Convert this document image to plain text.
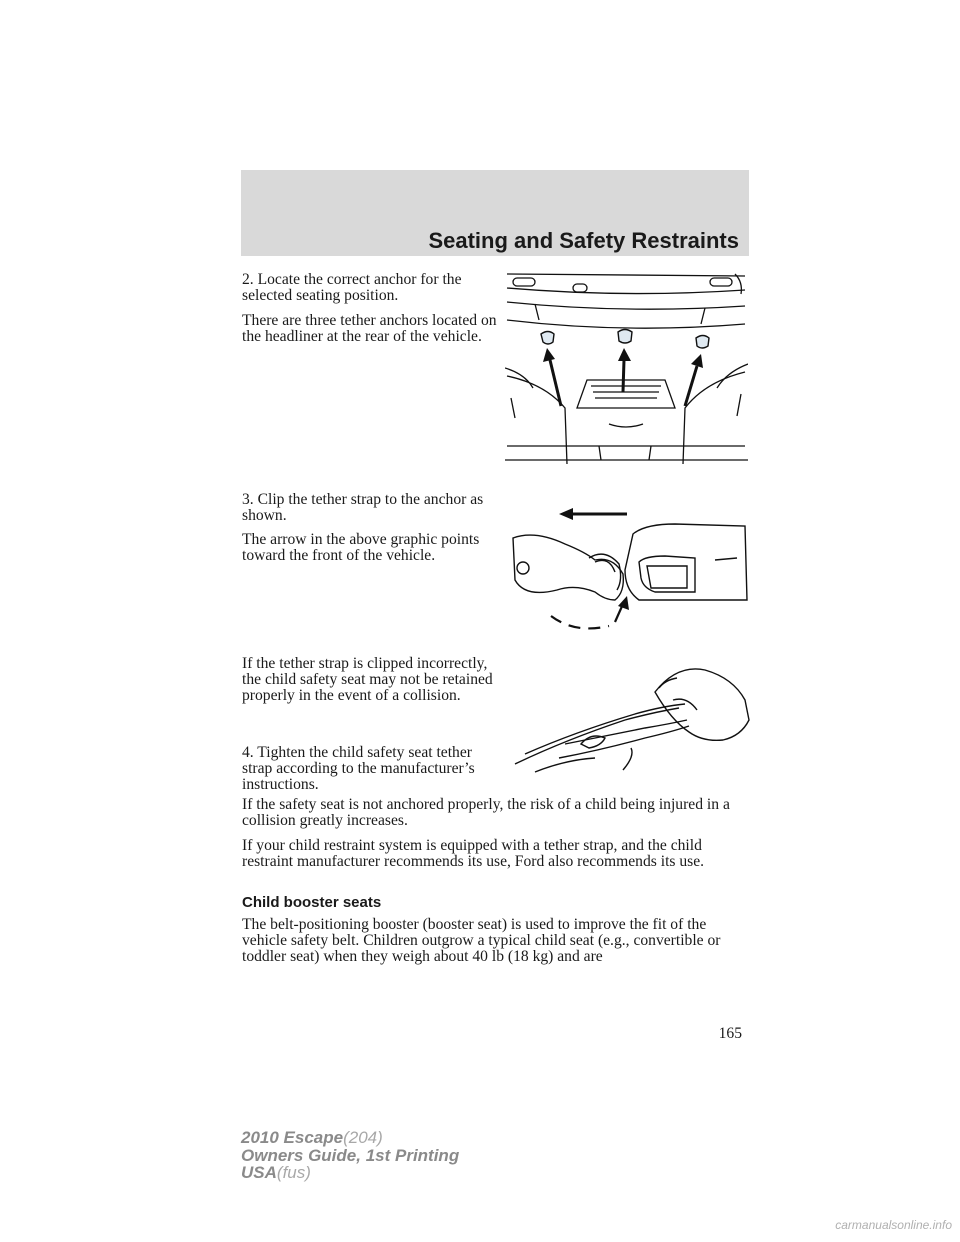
Seating and Safety Restraints

2. Locate the correct anchor for the selected seating position.

There are three tether anchors located on the headliner at the rear of the vehicle.

3. Clip the tether strap to the anchor as shown.

The arrow in the above graphic points toward the front of the vehicle.

If the tether strap is clipped incorrectly, the child safety seat may not be retained properly in the event of a collision.

4. Tighten the child safety seat tether strap according to the manufacturer’s instructions.

If the safety seat is not anchored properly, the risk of a child being injured in a collision greatly increases.

If your child restraint system is equipped with a tether strap, and the child restraint manufacturer recommends its use, Ford also recommends its use.

Child booster seats

The belt-positioning booster (booster seat) is used to improve the fit of the vehicle safety belt. Children outgrow a typical child seat (e.g., convertible or toddler seat) when they weigh about 40 lb (18 kg) and are

165
2010 Escape(204)
Owners Guide, 1st Printing
USA(fus)
carmanualsonline.info
